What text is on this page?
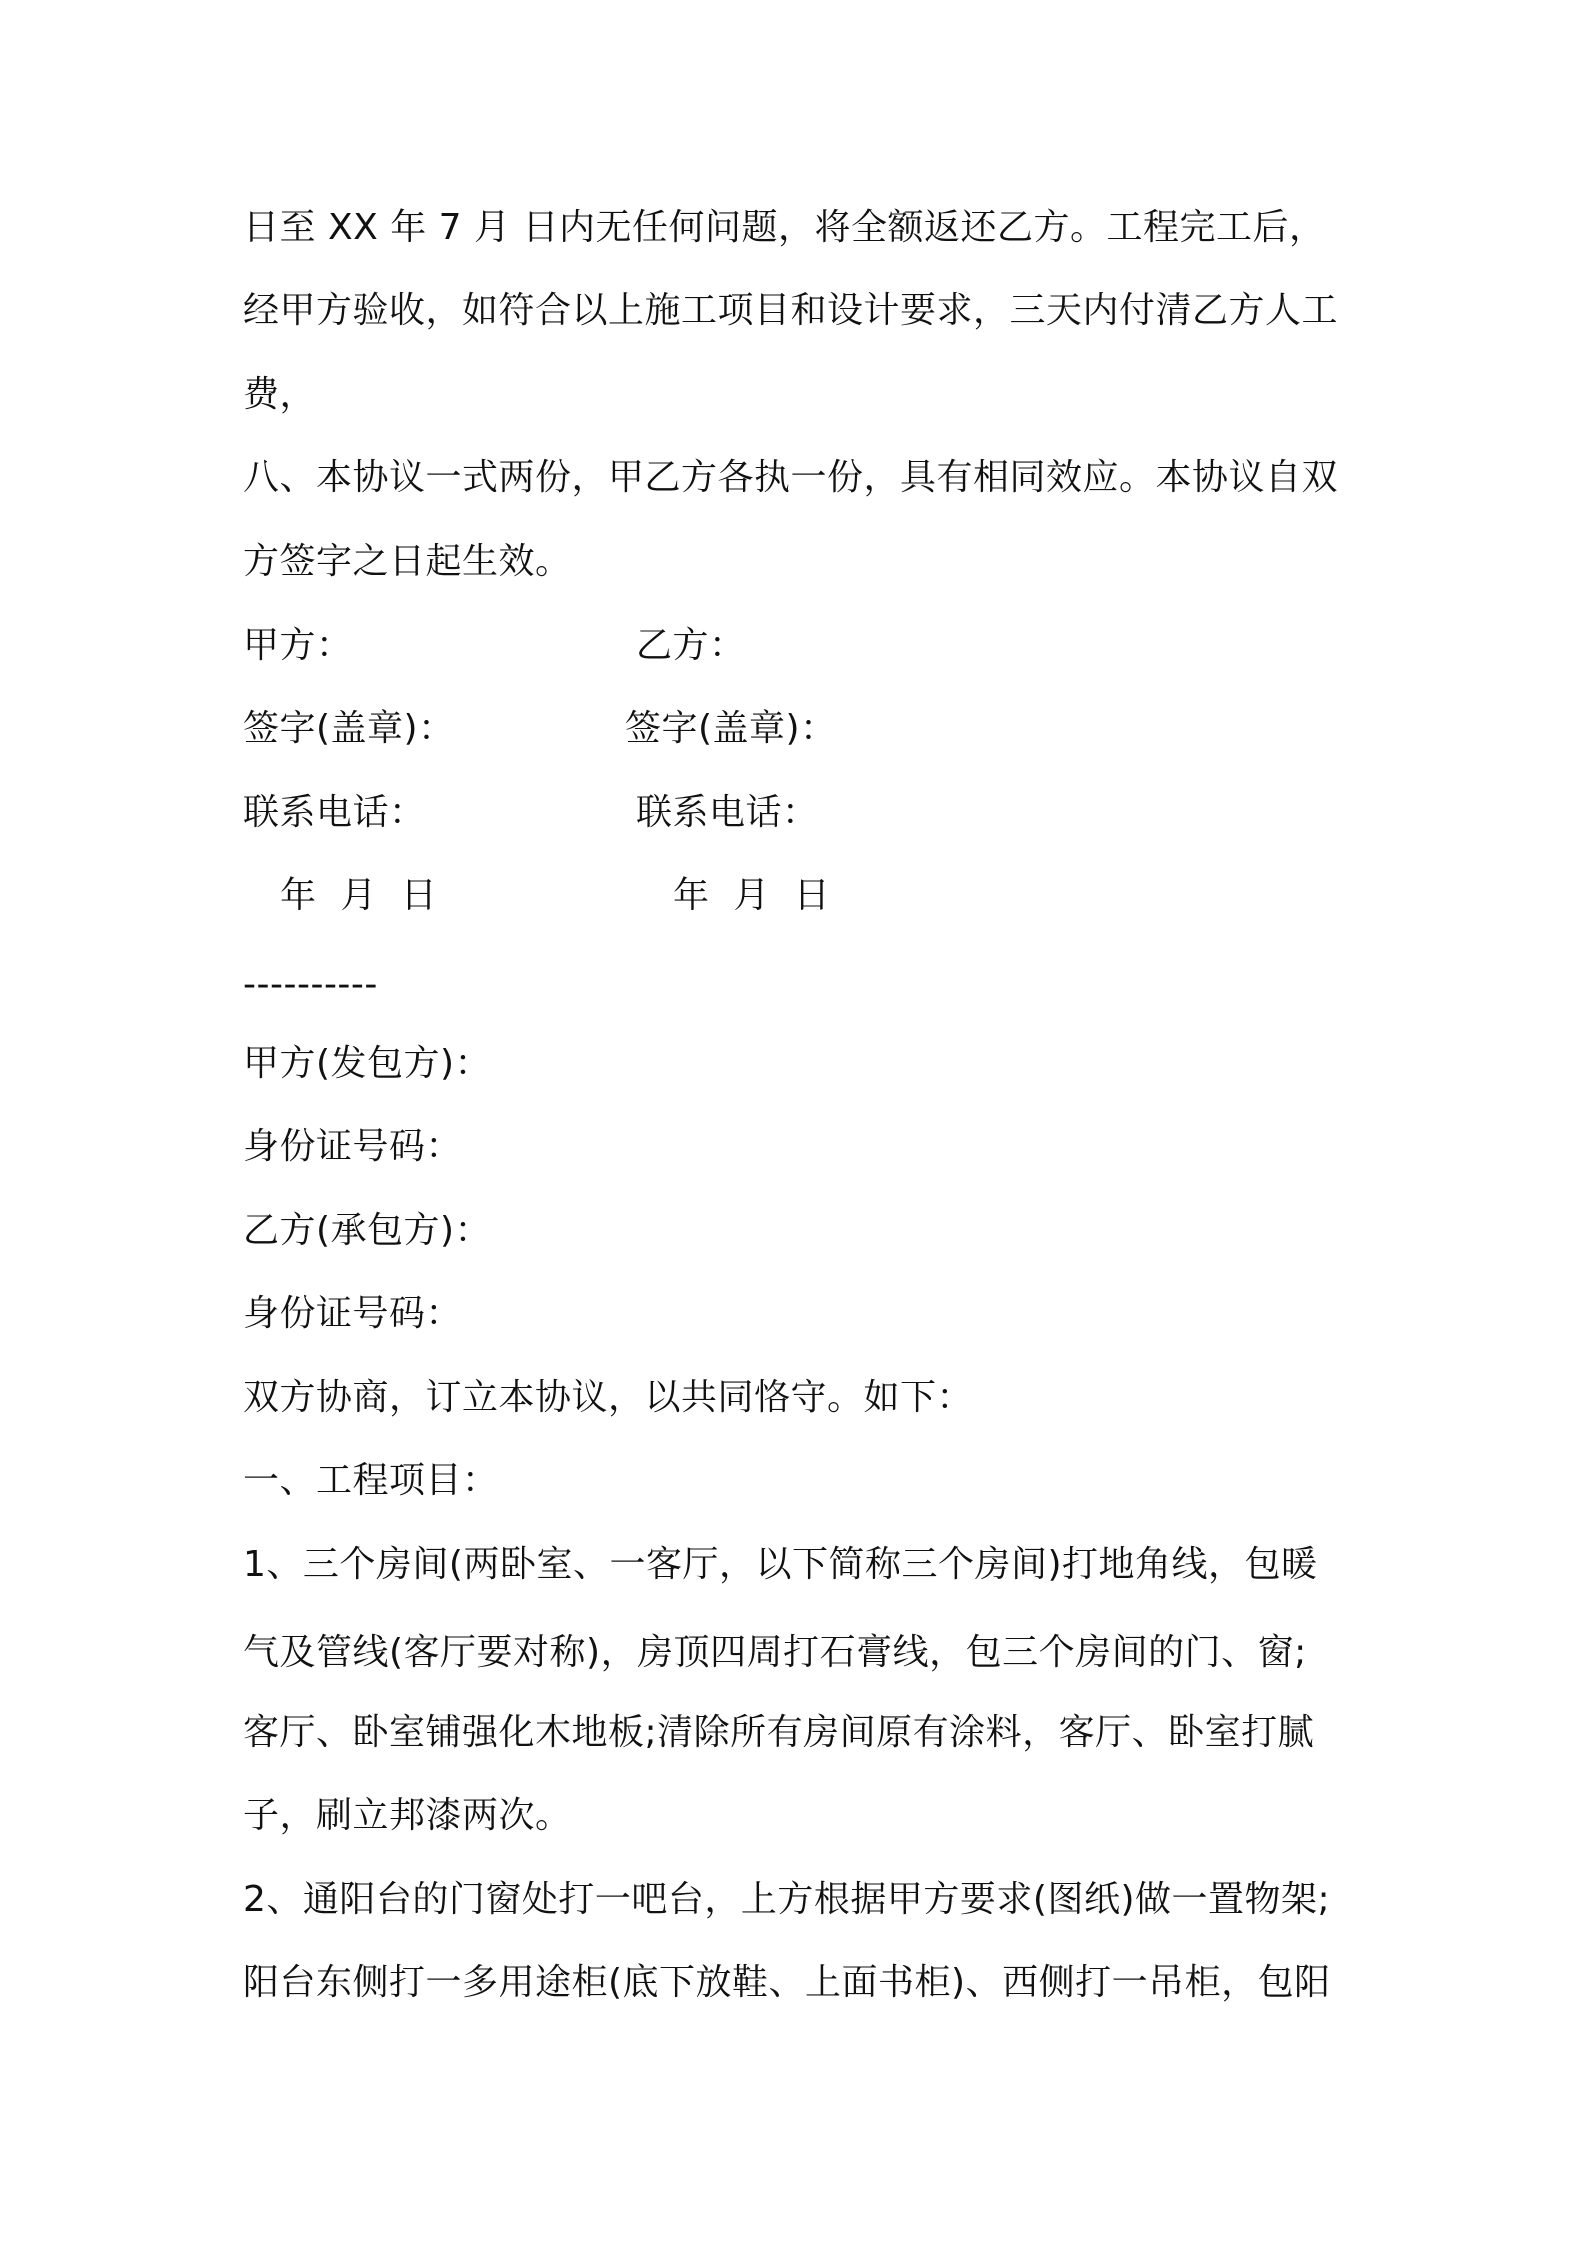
日至 XX 年 7 月 日内无任何问题，将全额返还乙方。工程完工后，
经甲方验收，如符合以上施工项目和设计要求，三天内付清乙方人工
费，
八、本协议一式两份，甲乙方各执一份，具有相同效应。本协议自双
方签字之日起生效。
甲方：	乙方：
签字(盖章)：	签字(盖章)：
联系电话：	联系电话：
年  月  日	年  月  日
----------
甲方(发包方)：
身份证号码：
乙方(承包方)：
身份证号码：
双方协商，订立本协议，以共同恪守。如下：
一、工程项目：
1、三个房间(两卧室、一客厅，以下简称三个房间)打地角线，包暖
气及管线(客厅要对称)，房顶四周打石膏线，包三个房间的门、窗;
客厅、卧室铺强化木地板;清除所有房间原有涂料，客厅、卧室打腻
子，刷立邦漆两次。
2、通阳台的门窗处打一吧台，上方根据甲方要求(图纸)做一置物架;
阳台东侧打一多用途柜(底下放鞋、上面书柜)、西侧打一吊柜，包阳
